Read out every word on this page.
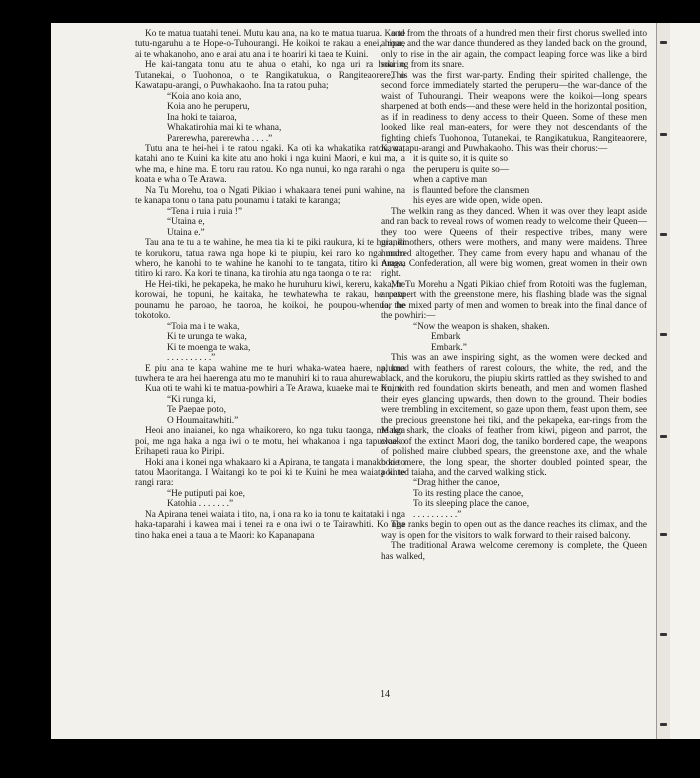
Ko te matua tuatahi tenei. Mutu kau ana, na ko te matua tuarua. Ko te tutu-ngaruhu a te Hope-o-Tuhourangi. He koikoi te rakau a enei, hipae ai te whakanoho, ano e arai atu ana i te hoariri ki taea te Kuini.
He kai-tangata tonu atu te ahua o etahi, ko nga uri ra hoki o Tutanekai, o Tuohonoa, o te Rangikatukua, o Rangiteaorere, o Kawatapu-arangi, o Puwhakaoho. Ina ta ratou puha;
“Koia ano koia ano,
Koia ano he peruperu,
Ina hoki te taiaroa,
Whakatirohia mai ki te whana,
Parerewha, parerewha . . . .”
Tutu ana te hei-hei i te ratou ngaki. Ka oti ka whakatika ratou, na, katahi ano te Kuini ka kite atu ano hoki i nga kuini Maori, e kui ma, a whe ma, e hine ma. E toru rau ratou. Ko nga nunui, ko nga rarahi o nga koata e wha o Te Arawa.
Na Tu Morehu, toa o Ngati Pikiao i whakaara tenei puni wahine, na te kanapa tonu o tana patu pounamu i tataki te karanga;
“Tena i ruia i ruia !”
“Utaina e,
Utaina e.”
Tau ana te tu a te wahine, he mea tia ki te piki raukura, ki te huia, ki te korukoru, tatua rawa nga hope ki te piupiu, kei raro ko nga maro whero, he kanohi to te wahine he kanohi to te tangata, titiro ki runga, titiro ki raro. Ka kori te tinana, ka tirohia atu nga taonga o te ra:
He Hei-tiki, he pekapeka, he mako he huruhuru kiwi, kereru, kaka, he korowai, he topuni, he kaitaka, he tewhatewha te rakau, he patu pounamu he paroao, he taoroa, he koikoi, he poupou-whenua, he tokotoko.
“Toia ma i te waka,
Ki te urunga te waka,
Ki te moenga te waka,
. . . . . . . . . .”
E piu ana te kapa wahine me te huri whaka-watea haere, na, kua tuwhera te ara hei haerenga atu mo te manuhiri ki to raua ahurewa.
Kua oti te wahi ki te matua-powhiri a Te Arawa, kuaeke mai te Kuini:
“Ki runga ki,
Te Paepae poto,
O Houmaitawhiti.”
Heoi ano inaianei, ko nga whaikorero, ko nga tuku taonga, me nga poi, me nga haka a nga iwi o te motu, hei whakanoa i nga tapuwae o Erihapeti raua ko Piripi.
Hoki ana i konei nga whakaaro ki a Apirana, te tangata i manako ki to tatou Maoritanga. I Waitangi ko te poi ki te Kuini he mea waiata ki te rangi rara:
“He putiputi pai koe,
Katohia . . . . . . .”
Na Apirana tenei waiata i tito, na, i ona ra ko ia tonu te kaitataki i nga haka-taparahi i kawea mai i tenei ra e ona iwi o te Tairawhiti. Ko nga tino haka enei a taua a te Maori: ko Kapanapana
and from the throats of a hundred men their first chorus swelled into a roar, and the war dance thundered as they landed back on the ground, only to rise in the air again, the compact leaping force was like a bird soaring from its snare.
This was the first war-party. Ending their spirited challenge, the second force immediately started the peruperu—the war-dance of the waist of Tuhourangi. Their weapons were the koikoi—long spears sharpened at both ends—and these were held in the horizontal position, as if in readiness to deny access to their Queen. Some of these men looked like real man-eaters, for were they not descendants of the fighting chiefs Tuohonoa, Tutanekai, te Rangikatukua, Rangiteaorere, Kawatapu-arangi and Puwhakaoho. This was their chorus:—
it is quite so, it is quite so
the peruperu is quite so—
when a captive man
is flaunted before the clansmen
his eyes are wide open, wide open.
The welkin rang as they danced. When it was over they leapt aside and ran back to reveal rows of women ready to welcome their Queen—they too were Queens of their respective tribes, many were grandmothers, others were mothers, and many were maidens. Three hundred altogether. They came from every hapu and whanau of the Arawa Confederation, all were big women, great women in their own right.
Mr Tu Morehu a Ngati Pikiao chief from Rotoiti was the fugleman, an expert with the greenstone mere, his flashing blade was the signal for the mixed party of men and women to break into the final dance of the powhiri:—
“Now the weapon is shaken, shaken.
Embark
Embark.”
This was an awe inspiring sight, as the women were decked and plumed with feathers of rarest colours, the white, the red, and the black, and the korukoru, the piupiu skirts rattled as they swished to and fro, with red foundation skirts beneath, and men and women flashed their eyes glancing upwards, then down to the ground. Their bodies were trembling in excitement, so gaze upon them, feast upon them, see the precious greenstone hei tiki, and the pekapeka, ear-rings from the Mako shark, the cloaks of feather from kiwi, pigeon and parrot, the cloak of the extinct Maori dog, the taniko bordered cape, the weapons of polished maire clubbed spears, the greenstone axe, and the whale bone mere, the long spear, the shorter doubled pointed spear, the pointed taiaha, and the carved walking stick.
“Drag hither the canoe,
To its resting place the canoe,
To its sleeping place the canoe,
. . . . . . . . . .”
The ranks begin to open out as the dance reaches its climax, and the way is open for the visitors to walk forward to their raised balcony.
The traditional Arawa welcome ceremony is complete, the Queen has walked,
14
